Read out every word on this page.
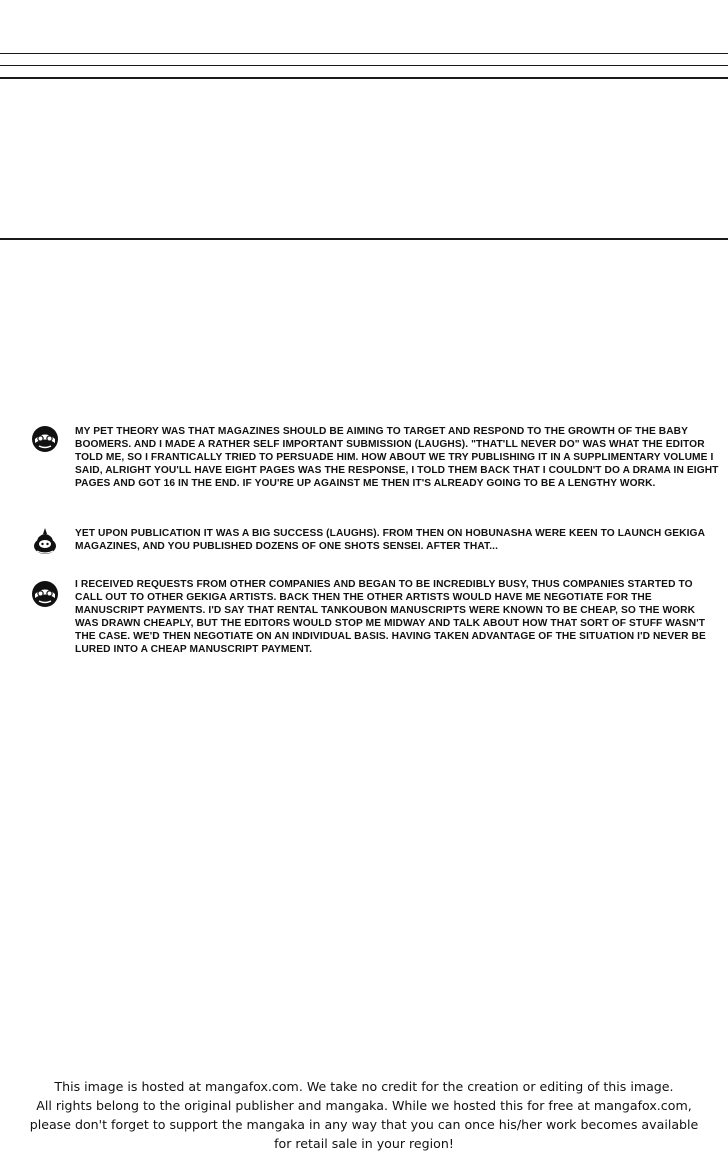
MY PET THEORY WAS THAT MAGAZINES SHOULD BE AIMING TO TARGET AND RESPOND TO THE GROWTH OF THE BABY BOOMERS. AND I MADE A RATHER SELF IMPORTANT SUBMISSION (LAUGHS). "THAT'LL NEVER DO" WAS WHAT THE EDITOR TOLD ME, SO I FRANTICALLY TRIED TO PERSUADE HIM. HOW ABOUT WE TRY PUBLISHING IT IN A SUPPLIMENTARY VOLUME I SAID, ALRIGHT YOU'LL HAVE EIGHT PAGES WAS THE RESPONSE, I TOLD THEM BACK THAT I COULDN'T DO A DRAMA IN EIGHT PAGES AND GOT 16 IN THE END. IF YOU'RE UP AGAINST ME THEN IT'S ALREADY GOING TO BE A LENGTHY WORK.

YET UPON PUBLICATION IT WAS A BIG SUCCESS (LAUGHS). FROM THEN ON HOBUNASHA WERE KEEN TO LAUNCH GEKIGA MAGAZINES, AND YOU PUBLISHED DOZENS OF ONE SHOTS SENSEI. AFTER THAT...

I RECEIVED REQUESTS FROM OTHER COMPANIES AND BEGAN TO BE INCREDIBLY BUSY, THUS COMPANIES STARTED TO CALL OUT TO OTHER GEKIGA ARTISTS. BACK THEN THE OTHER ARTISTS WOULD HAVE ME NEGOTIATE FOR THE MANUSCRIPT PAYMENTS. I'D SAY THAT RENTAL TANKOUBON MANUSCRIPTS WERE KNOWN TO BE CHEAP, SO THE WORK WAS DRAWN CHEAPLY, BUT THE EDITORS WOULD STOP ME MIDWAY AND TALK ABOUT HOW THAT SORT OF STUFF WASN'T THE CASE. WE'D THEN NEGOTIATE ON AN INDIVIDUAL BASIS. HAVING TAKEN ADVANTAGE OF THE SITUATION I'D NEVER BE LURED INTO A CHEAP MANUSCRIPT PAYMENT.

This image is hosted at mangafox.com. We take no credit for the creation or editing of this image.
All rights belong to the original publisher and mangaka. While we hosted this for free at mangafox.com,
please don't forget to support the mangaka in any way that you can once his/her work becomes available
for retail sale in your region!
